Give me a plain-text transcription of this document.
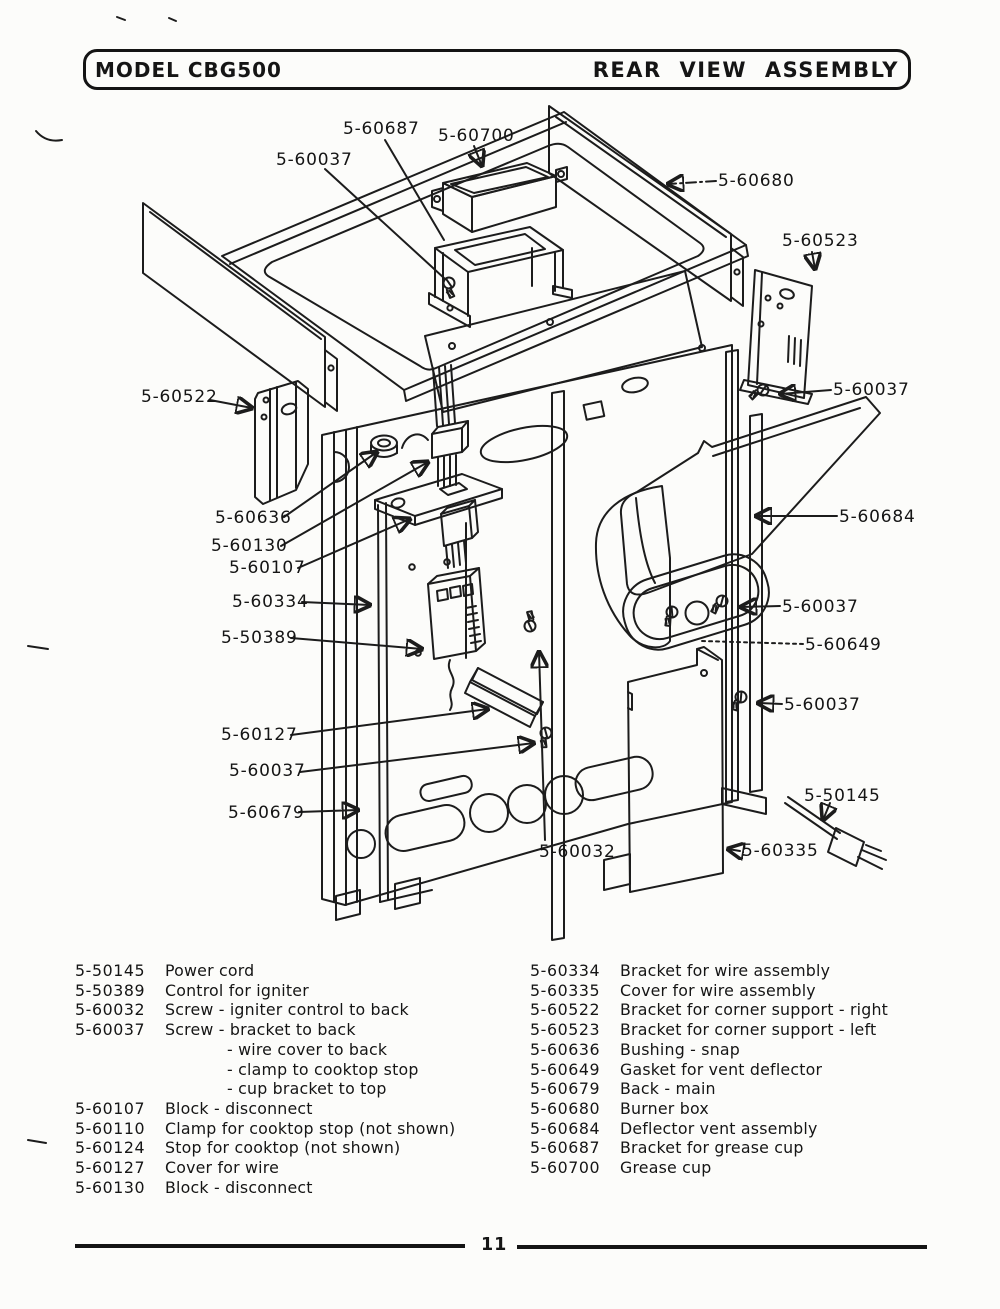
MODEL CBG500	REAR VIEW ASSEMBLY
5-60687 5-60700
5-60037
5-60680
5-60523
5-60522	5-60037
5-60636
5-60130
5-60107
5-60334
5-50389
5-60684
5-60037
5-60649
5-60037
5-60127
5-60037
5-60679
5-60032
5-50145
5-60335
5-50145	Power cord
5-50389	Control for igniter
5-60032	Screw - igniter control to back
5-60037	Screw - bracket to back
- wire cover to back
- clamp to cooktop stop
- cup bracket to top
5-60107	Block - disconnect
5-60110	Clamp for cooktop stop (not shown)
5-60124	Stop for cooktop (not shown)
5-60127	Cover for wire
5-60130	Block - disconnect
5-60334	Bracket for wire assembly
5-60335	Cover for wire assembly
5-60522	Bracket for corner support - right
5-60523	Bracket for corner support - left
5-60636	Bushing - snap
5-60649	Gasket for vent deflector
5-60679	Back - main
5-60680	Burner box
5-60684	Deflector vent assembly
5-60687	Bracket for grease cup
5-60700	Grease cup
11
